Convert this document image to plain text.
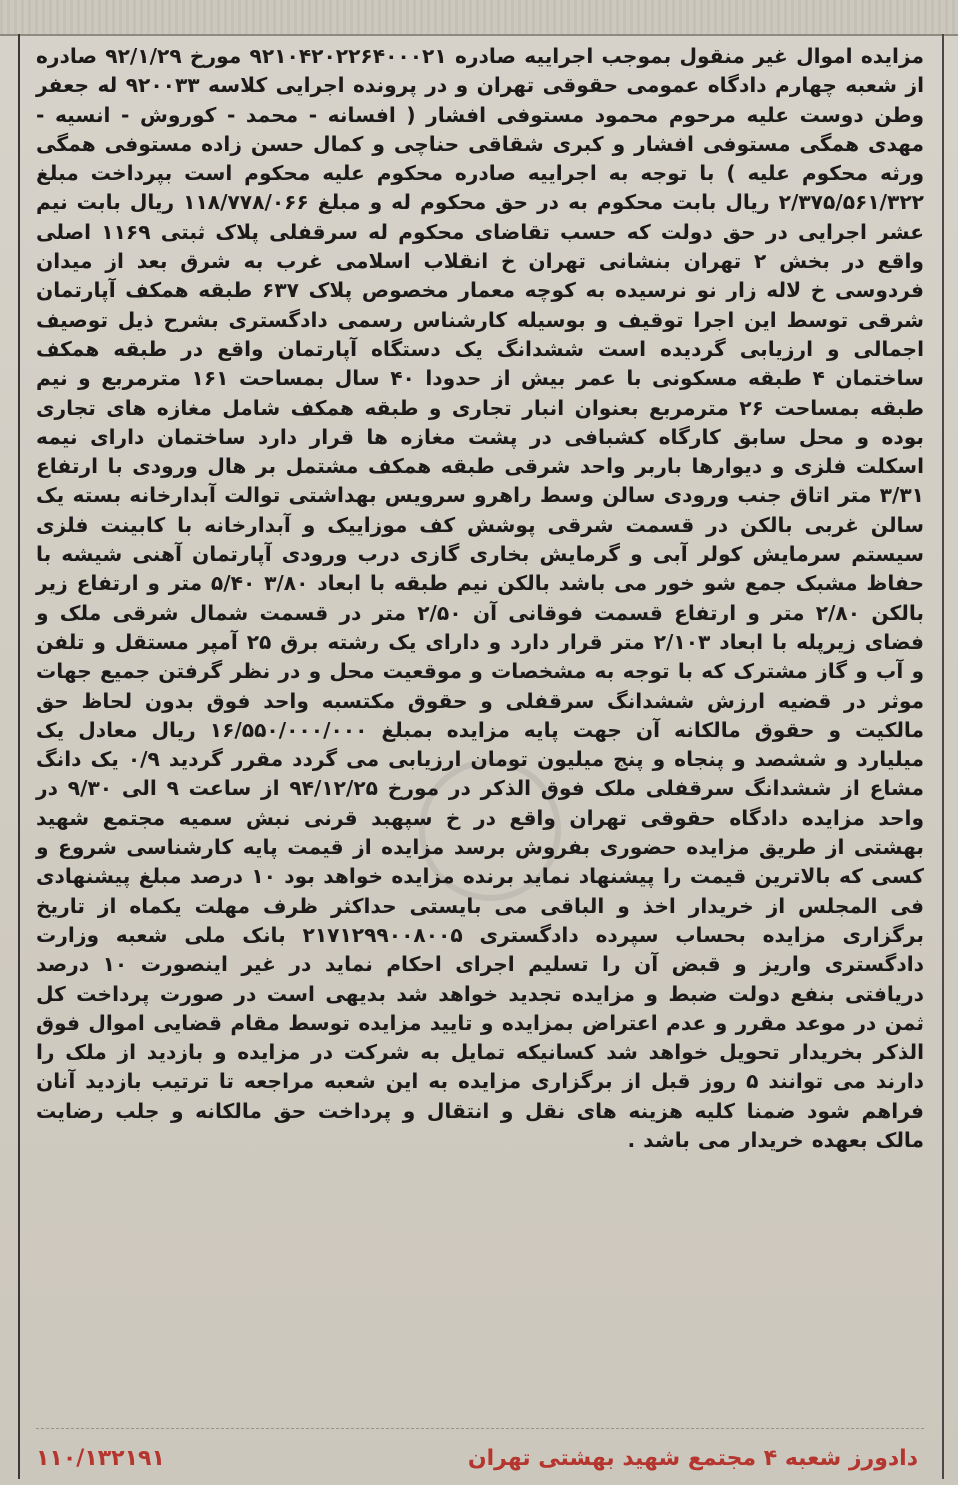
مزایده اموال غیر منقول بموجب اجراییه صادره ۹۲۱۰۴۲۰۲۲۶۴۰۰۰۲۱ مورخ ۹۲/۱/۲۹ صادره از شعبه چهارم دادگاه عمومی حقوقی تهران و در پرونده اجرایی کلاسه ۹۲۰۰۳۳ له جعفر وطن دوست علیه مرحوم محمود مستوفی افشار ( افسانه - محمد - کوروش - انسیه - مهدی همگی مستوفی افشار و کبری شقاقی حناچی و کمال حسن زاده مستوفی همگی ورثه محکوم علیه ) با توجه به اجراییه صادره محکوم علیه محکوم است بپرداخت مبلغ ۲/۳۷۵/۵۶۱/۳۲۲ ریال بابت محکوم به در حق محکوم له و مبلغ ۱۱۸/۷۷۸/۰۶۶ ریال بابت نیم عشر اجرایی در حق دولت که حسب تقاضای محکوم له سرقفلی پلاک ثبتی ۱۱۶۹ اصلی واقع در بخش ۲ تهران بنشانی تهران خ انقلاب اسلامی غرب به شرق بعد از میدان فردوسی خ لاله زار نو نرسیده به کوچه معمار مخصوص پلاک ۶۳۷ طبقه همکف آپارتمان شرقی توسط این اجرا توقیف و بوسیله کارشناس رسمی دادگستری بشرح ذیل توصیف اجمالی و ارزیابی گردیده است ششدانگ یک دستگاه آپارتمان واقع در طبقه همکف ساختمان ۴ طبقه مسکونی با عمر بیش از حدودا ۴۰ سال بمساحت ۱۶۱ مترمربع و نیم طبقه بمساحت ۲۶ مترمربع بعنوان انبار تجاری و طبقه همکف شامل مغازه های تجاری بوده و محل سابق کارگاه کشبافی در پشت مغازه ها قرار دارد ساختمان دارای نیمه اسکلت فلزی و دیوارها باربر واحد شرقی طبقه همکف مشتمل بر هال ورودی با ارتفاع ۳/۳۱ متر اتاق جنب ورودی سالن وسط راهرو سرویس بهداشتی توالت آبدارخانه بسته یک سالن غربی بالکن در قسمت شرقی پوشش کف موزاییک و آبدارخانه با کابینت فلزی سیستم سرمایش کولر آبی و گرمایش بخاری گازی درب ورودی آپارتمان آهنی شیشه با حفاظ مشبک جمع شو خور می باشد بالکن نیم طبقه با ابعاد ۳/۸۰ ۵/۴۰ متر و ارتفاع زیر بالکن ۲/۸۰ متر و ارتفاع قسمت فوقانی آن ۲/۵۰ متر در قسمت شمال شرقی ملک و فضای زیرپله با ابعاد ۲/۱۰۳ متر قرار دارد و دارای یک رشته برق ۲۵ آمپر مستقل و تلفن و آب و گاز مشترک که با توجه به مشخصات و موقعیت محل و در نظر گرفتن جمیع جهات موثر در قضیه ارزش ششدانگ سرقفلی و حقوق مکتسبه واحد فوق بدون لحاظ حق مالکیت و حقوق مالکانه آن جهت پایه مزایده بمبلغ ۱۶/۵۵۰/۰۰۰/۰۰۰ ریال معادل یک میلیارد و ششصد و پنجاه و پنج میلیون تومان ارزیابی می گردد مقرر گردید ۰/۹ یک دانگ مشاع از ششدانگ سرقفلی ملک فوق الذکر در مورخ ۹۴/۱۲/۲۵ از ساعت ۹ الی ۹/۳۰ در واحد مزایده دادگاه حقوقی تهران واقع در خ سپهبد قرنی نبش سمیه مجتمع شهید بهشتی از طریق مزایده حضوری بفروش برسد مزایده از قیمت پایه کارشناسی شروع و کسی که بالاترین قیمت را پیشنهاد نماید برنده مزایده خواهد بود ۱۰ درصد مبلغ پیشنهادی فی المجلس از خریدار اخذ و الباقی می بایستی حداکثر ظرف مهلت یکماه از تاریخ برگزاری مزایده بحساب سپرده دادگستری ۲۱۷۱۲۹۹۰۰۸۰۰۵ بانک ملی شعبه وزارت دادگستری واریز و قبض آن را تسلیم اجرای احکام نماید در غیر اینصورت ۱۰ درصد دریافتی بنفع دولت ضبط و مزایده تجدید خواهد شد بدیهی است در صورت پرداخت کل ثمن در موعد مقرر و عدم اعتراض بمزایده و تایید مزایده توسط مقام قضایی اموال فوق الذکر بخریدار تحویل خواهد شد کسانیکه تمایل به شرکت در مزایده و بازدید از ملک را دارند می توانند ۵ روز قبل از برگزاری مزایده به این شعبه مراجعه تا ترتیب بازدید آنان فراهم شود ضمنا کلیه هزینه های نقل و انتقال و پرداخت حق مالکانه و جلب رضایت مالک بعهده خریدار می باشد .
دادورز شعبه ۴ مجتمع شهید بهشتی تهران
۱۱۰/۱۳۲۱۹۱
